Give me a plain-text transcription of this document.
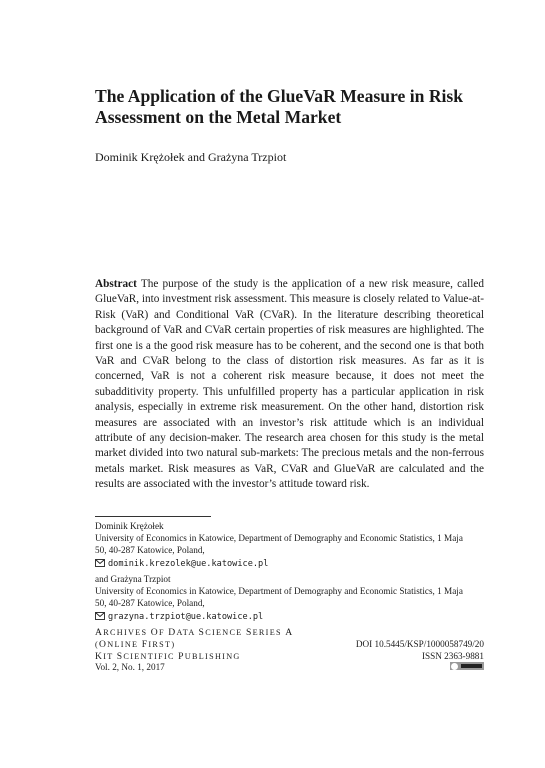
The Application of the GlueVaR Measure in Risk Assessment on the Metal Market
Dominik Krężołek and Grażyna Trzpiot

Abstract The purpose of the study is the application of a new risk measure, called GlueVaR, into investment risk assessment. This measure is closely related to Value-at-Risk (VaR) and Conditional VaR (CVaR). In the literature describing theoretical background of VaR and CVaR certain properties of risk measures are highlighted. The first one is a the good risk measure has to be coherent, and the second one is that both VaR and CVaR belong to the class of distortion risk measures. As far as it is concerned, VaR is not a coherent risk measure because, it does not meet the subadditivity property. This unfulfilled property has a particular application in risk analysis, especially in extreme risk measurement. On the other hand, distortion risk measures are associated with an investor’s risk attitude which is an individual attribute of any decision-maker. The research area chosen for this study is the metal market divided into two natural sub-markets: The precious metals and the non-ferrous metals market. Risk measures as VaR, CVaR and GlueVaR are calculated and the results are associated with the investor’s attitude toward risk.

Dominik Krężołek
University of Economics in Katowice, Department of Demography and Economic Statistics, 1 Maja
50, 40-287 Katowice, Poland,
dominik.krezolek@ue.katowice.pl
and Grażyna Trzpiot
University of Economics in Katowice, Department of Demography and Economic Statistics, 1 Maja
50, 40-287 Katowice, Poland,
grazyna.trzpiot@ue.katowice.pl
ARCHIVES OF DATA SCIENCE SERIES A
(ONLINE FIRST)	DOI 10.5445/KSP/1000058749/20
KIT SCIENTIFIC PUBLISHING	ISSN 2363-9881
Vol. 2, No. 1, 2017
